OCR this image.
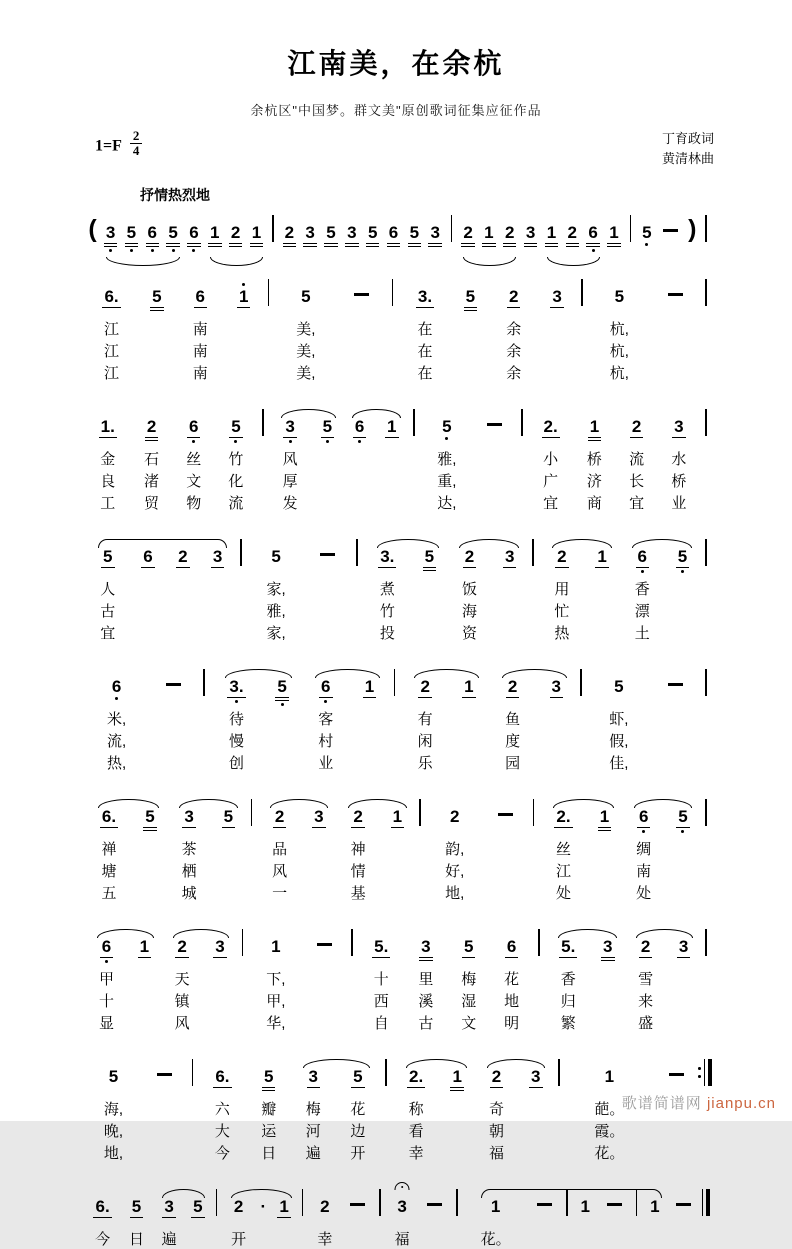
江南美，在余杭
余杭区"中国梦。群文美"原创歌词征集应征作品
$1=F \frac{2}{4}$	丁育政词
黄清林曲
抒情热烈地
(	3	5	6	5	6	1	2	1		2	3	5	3	5	6	5	3		2	1	2	3	1	2	6	1		5		)	
6.	5	6	1		5			3.	5	2	3		5		

江		南			美,			在		余			杭,		
江		南			美,			在		余			杭,		
江		南			美,			在		余			杭,		
1.	2	6	5		3	5	6	1		5			2.	1	2	3

金	石	丝	竹		风					雅,			小	桥	流	水	
良	渚	文	化		厚					重,			广	济	长	桥	
工	贸	物	流		发					达,			宜	商	宜	业	
5	6	2	3		5			3.	5	2	3		2	1	6	5

人					家,			煮		饭			用		香		
古					雅,			竹		海			忙		漂		
宜					家,			投		资			热		土		
6			3.	5	6	1		2	1	2	3		5		

米,			待		客			有		鱼			虾,		
流,			慢		村			闲		度			假,		
热,			创		业			乐		园			佳,		
6.	5	3	5		2	3	2	1		2			2.	1	6	5

禅		茶			品		神			韵,			丝		绸		
塘		栖			风		情			好,			江		南		
五		城			一		基			地,			处		处		
6	1	2	3		1			5.	3	5	6		5.	3	2	3

甲		天			下,			十	里	梅	花		香		雪		
十		镇			甲,			西	溪	湿	地		归		来		
显		风			华,			自	古	文	明		繁		盛		
5			6.	5	3	5		2.	1	2	3		1		

海,			六	瓣	梅	花		称		奇			葩。		
晚,			大	运	河	边		看		朝			霞。		
地,			今	日	遍	开		幸		福			花。		
6.	5	3	5		2	·	1		2			3			1			1			1		

今	日	遍			开				幸			福			花。								
歌谱简谱网 jianpu.cn
